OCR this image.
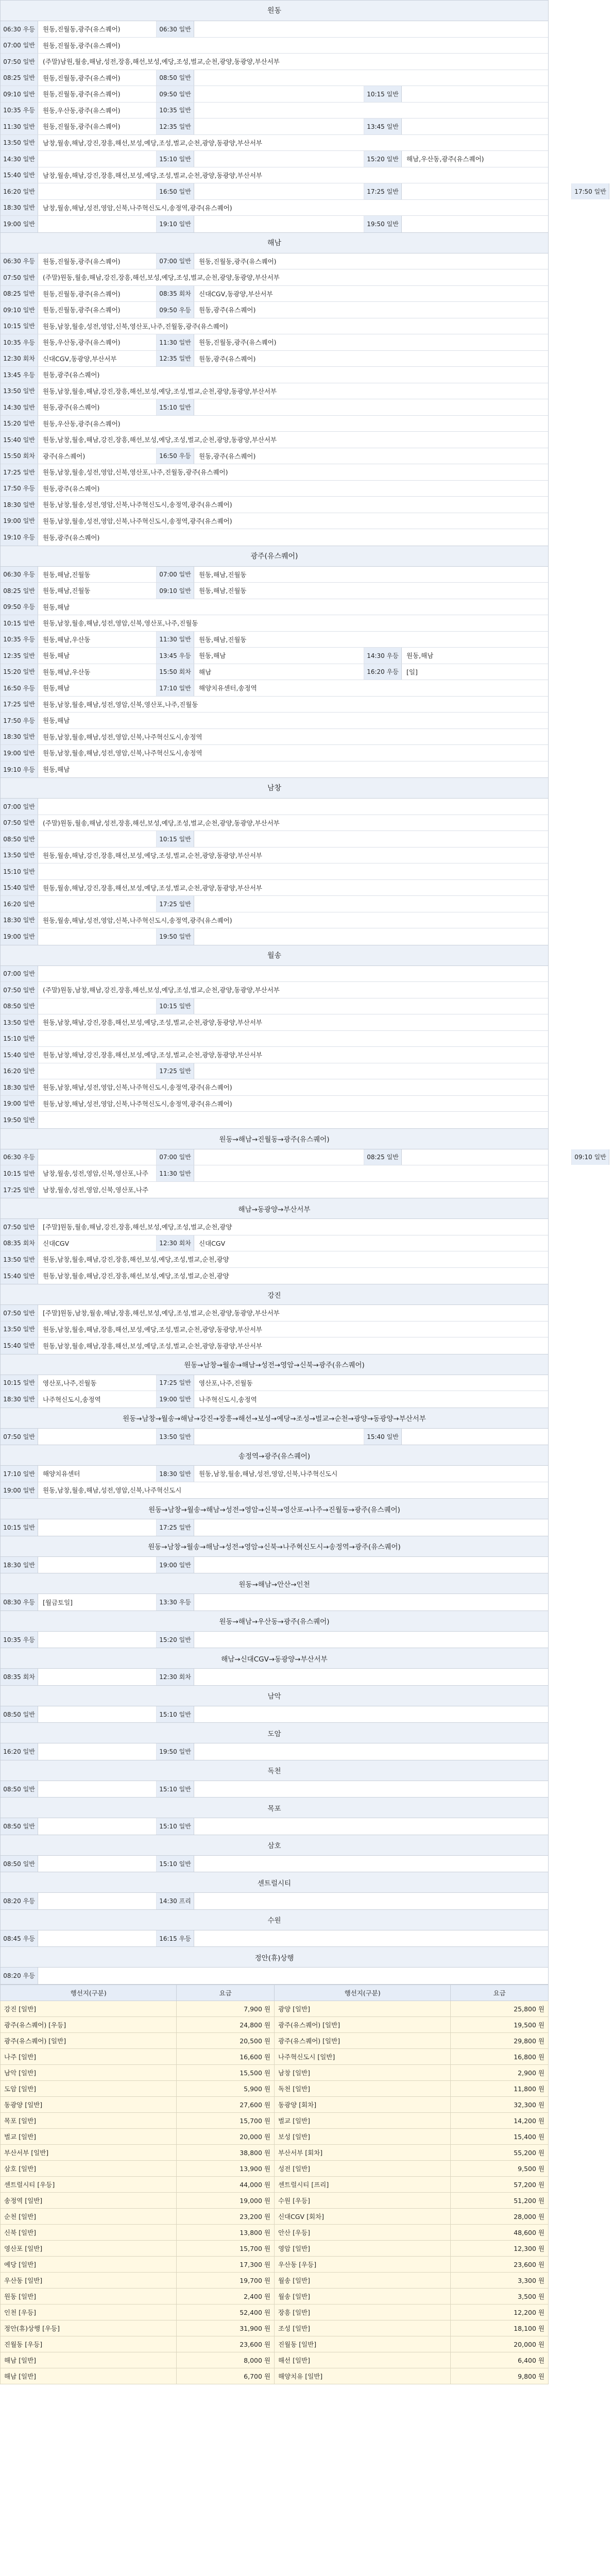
원동
06:30 우등	원동,진월동,광주(유스퀘어)	06:30 일반
07:00 일반	원동,진월동,광주(유스퀘어)
07:50 일반	(주말)남원,월송,해남,성전,장흥,해선,보성,예당,조성,벌교,순천,광양,동광양,부산서부
08:25 일반	원동,진월동,광주(유스퀘어)	08:50 일반
09:10 일반	원동,진월동,광주(유스퀘어)	09:50 일반	10:15 일반
10:35 우등	원동,우산동,광주(유스퀘어)	10:35 일반
11:30 일반	원동,진월동,광주(유스퀘어)	12:35 일반	13:45 일반
13:50 일반	남창,월송,해남,강진,장흥,해선,보성,예당,조성,벌교,순천,광양,동광양,부산서부
14:30 일반	15:10 일반	15:20 일반	해남,우산동,광주(유스퀘어)
15:40 일반	남창,월송,해남,강진,장흥,해선,보성,예당,조성,벌교,순천,광양,동광양,부산서부
16:20 일반	16:50 일반	17:25 일반	17:50 일반
18:30 일반	남창,월송,해남,성전,영암,신북,나주혁신도시,송정역,광주(유스퀘어)
19:00 일반	19:10 일반	19:50 일반
해남
06:30 우등	원동,진월동,광주(유스퀘어)	07:00 일반	원동,진월동,광주(유스퀘어)
07:50 일반	(주말)원동,월송,해남,강진,장흥,해선,보성,예당,조성,벌교,순천,광양,동광양,부산서부
08:25 일반	원동,진월동,광주(유스퀘어)	08:35 회차	신대CGV,동광양,부산서부
09:10 일반	원동,진월동,광주(유스퀘어)	09:50 우등	원동,광주(유스퀘어)
10:15 일반	원동,남창,월송,성전,영암,신북,영산포,나주,진월동,광주(유스퀘어)
10:35 우등	원동,우산동,광주(유스퀘어)	11:30 일반	원동,진월동,광주(유스퀘어)
12:30 회차	신대CGV,동광양,부산서부	12:35 일반	원동,광주(유스퀘어)
13:45 우등	원동,광주(유스퀘어)
13:50 일반	원동,남창,월송,해남,강진,장흥,해선,보성,예당,조성,벌교,순천,광양,동광양,부산서부
14:30 일반	원동,광주(유스퀘어)	15:10 일반
15:20 일반	원동,우산동,광주(유스퀘어)
15:40 일반	원동,남창,월송,해남,강진,장흥,해선,보성,예당,조성,벌교,순천,광양,동광양,부산서부
15:50 회차	광주(유스퀘어)	16:50 우등	원동,광주(유스퀘어)
17:25 일반	원동,남창,월송,성전,영암,신북,영산포,나주,진월동,광주(유스퀘어)
17:50 우등	원동,광주(유스퀘어)
18:30 일반	원동,남창,월송,성전,영암,신북,나주혁신도시,송정역,광주(유스퀘어)
19:00 일반	원동,남창,월송,성전,영암,신북,나주혁신도시,송정역,광주(유스퀘어)
19:10 우등	원동,광주(유스퀘어)
광주(유스퀘어)
06:30 우등	원동,해남,진월동	07:00 일반	원동,해남,진월동
08:25 일반	원동,해남,진월동	09:10 일반	원동,해남,진월동
09:50 우등	원동,해남
10:15 일반	원동,남창,월송,해남,성전,영암,신북,영산포,나주,진월동
10:35 우등	원동,해남,우산동	11:30 일반	원동,해남,진월동
12:35 일반	원동,해남	13:45 우등	원동,해남	14:30 우등	원동,해남
15:20 일반	원동,해남,우산동	15:50 회차	해남	16:20 우등	[일]
16:50 우등	원동,해남	17:10 일반	해양치유센터,송정역
17:25 일반	원동,남창,월송,해남,성전,영암,신북,영산포,나주,진월동
17:50 우등	원동,해남
18:30 일반	원동,남창,월송,해남,성전,영암,신북,나주혁신도시,송정역
19:00 일반	원동,남창,월송,해남,성전,영암,신북,나주혁신도시,송정역
19:10 우등	원동,해남
남창
07:00 일반
07:50 일반	(주말)원동,월송,해남,성전,장흥,해선,보성,예당,조성,벌교,순천,광양,동광양,부산서부
08:50 일반	10:15 일반
13:50 일반	원동,월송,해남,강진,장흥,해선,보성,예당,조성,벌교,순천,광양,동광양,부산서부
15:10 일반
15:40 일반	원동,월송,해남,강진,장흥,해선,보성,예당,조성,벌교,순천,광양,동광양,부산서부
16:20 일반	17:25 일반
18:30 일반	원동,월송,해남,성전,영암,신북,나주혁신도시,송정역,광주(유스퀘어)
19:00 일반	19:50 일반
월송
07:00 일반
07:50 일반	(주말)원동,남창,해남,강진,장흥,해선,보성,예당,조성,벌교,순천,광양,동광양,부산서부
08:50 일반	10:15 일반
13:50 일반	원동,남창,해남,강진,장흥,해선,보성,예당,조성,벌교,순천,광양,동광양,부산서부
15:10 일반
15:40 일반	원동,남창,해남,강진,장흥,해선,보성,예당,조성,벌교,순천,광양,동광양,부산서부
16:20 일반	17:25 일반
18:30 일반	원동,남창,해남,성전,영암,신북,나주혁신도시,송정역,광주(유스퀘어)
19:00 일반	원동,남창,해남,성전,영암,신북,나주혁신도시,송정역,광주(유스퀘어)
19:50 일반
원동→해남→진월동→광주(유스퀘어)
06:30 우등	07:00 일반	08:25 일반	09:10 일반
10:15 일반	남창,월송,성전,영암,신북,영산포,나주	11:30 일반
17:25 일반	남창,월송,성전,영암,신북,영산포,나주
해남→동광양→부산서부
07:50 일반	[주말]원동,월송,해남,강진,장흥,해선,보성,예당,조성,벌교,순천,광양
08:35 회차	신대CGV	12:30 회차	신대CGV
13:50 일반	원동,남창,월송,해남,강진,장흥,해선,보성,예당,조성,벌교,순천,광양
15:40 일반	원동,남창,월송,해남,강진,장흥,해선,보성,예당,조성,벌교,순천,광양
강진
07:50 일반	[주말]원동,남창,월송,해남,장흥,해선,보성,예당,조성,벌교,순천,광양,동광양,부산서부
13:50 일반	원동,남창,월송,해남,장흥,해선,보성,예당,조성,벌교,순천,광양,동광양,부산서부
15:40 일반	원동,남창,월송,해남,장흥,해선,보성,예당,조성,벌교,순천,광양,동광양,부산서부
원동→남창→월송→해남→성전→영암→신북→광주(유스퀘어)
10:15 일반	영산포,나주,진월동	17:25 일반	영산포,나주,진월동
18:30 일반	나주혁신도시,송정역	19:00 일반	나주혁신도시,송정역
원동→남창→월송→해남→강진→장흥→해선→보성→예당→조성→벌교→순천→광양→동광양→부산서부
07:50 일반	13:50 일반	15:40 일반
송정역→광주(유스퀘어)
17:10 일반	해양치유센터	18:30 일반	원동,남창,월송,해남,성전,영암,신북,나주혁신도시
19:00 일반	원동,남창,월송,해남,성전,영암,신북,나주혁신도시
원동→남창→월송→해남→성전→영암→신북→영산포→나주→진월동→광주(유스퀘어)
10:15 일반	17:25 일반
원동→남창→월송→해남→성전→영암→신북→나주혁신도시→송정역→광주(유스퀘어)
18:30 일반	19:00 일반
원동→해남→안산→인천
08:30 우등	[월금토일]	13:30 우등
원동→해남→우산동→광주(유스퀘어)
10:35 우등	15:20 일반
해남→신대CGV→동광양→부산서부
08:35 회차	12:30 회차
남악
08:50 일반	15:10 일반
도암
16:20 일반	19:50 일반
독천
08:50 일반	15:10 일반
목포
08:50 일반	15:10 일반
삼호
08:50 일반	15:10 일반
센트럴시티
08:20 우등	14:30 프리
수원
08:45 우등	16:15 우등
정안(휴)상행
08:20 우등
행선지(구분)	요금	행선지(구분)	요금
강진 [일반]	7,900 원	광양 [일반]	25,800 원
광주(유스퀘어) [우등]	24,800 원	광주(유스퀘어) [일반]	19,500 원
광주(유스퀘어) [일반]	20,500 원	광주(유스퀘어) [일반]	29,800 원
나주 [일반]	16,600 원	나주혁신도시 [일반]	16,800 원
남악 [일반]	15,500 원	남창 [일반]	2,900 원
도암 [일반]	5,900 원	독천 [일반]	11,800 원
동광양 [일반]	27,600 원	동광양 [회차]	32,300 원
목포 [일반]	15,700 원	벌교 [일반]	14,200 원
벌교 [일반]	20,000 원	보성 [일반]	15,400 원
부산서부 [일반]	38,800 원	부산서부 [회차]	55,200 원
삼호 [일반]	13,900 원	성전 [일반]	9,500 원
센트럴시티 [우등]	44,000 원	센트럴시티 [프리]	57,200 원
송정역 [일반]	19,000 원	수원 [우등]	51,200 원
순천 [일반]	23,200 원	신대CGV [회차]	28,000 원
신북 [일반]	13,800 원	안산 [우등]	48,600 원
영산포 [일반]	15,700 원	영암 [일반]	12,300 원
예당 [일반]	17,300 원	우산동 [우등]	23,600 원
우산동 [일반]	19,700 원	월송 [일반]	3,300 원
원동 [일반]	2,400 원	월송 [일반]	3,500 원
인천 [우등]	52,400 원	장흥 [일반]	12,200 원
정안(휴)상행 [우등]	31,900 원	조성 [일반]	18,100 원
진월동 [우등]	23,600 원	진월동 [일반]	20,000 원
해남 [일반]	8,000 원	해선 [일반]	6,400 원
해남 [일반]	6,700 원	해양치유 [일반]	9,800 원
